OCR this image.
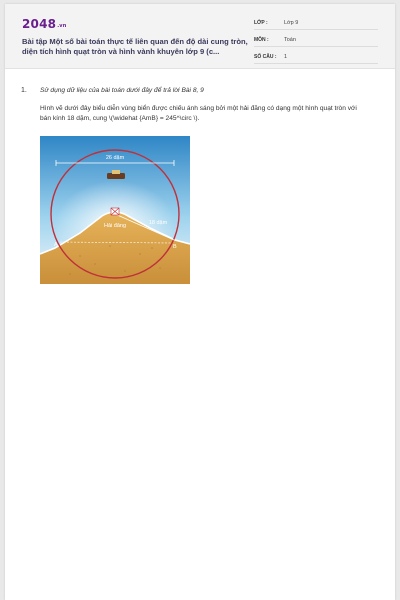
2048.vn
Bài tập Một số bài toán thực tế liên quan đến độ dài cung tròn, diện tích hình quạt tròn và hình vành khuyên lớp 9 (c...
LỚP :	Lớp 9
MÔN :	Toán
SỐ CÂU :	1
1. Sử dụng dữ liệu của bài toán dưới đây để trả lời Bài 8, 9
Hình vẽ dưới đây biểu diễn vùng biển được chiếu ánh sáng bởi một hải đăng có dạng một hình quạt tròn với bán kính 18 dặm, cung \(\widehat {AmB} = 245^\circ \).
26 dặm
18 dặm
Hải đăng
A	B
